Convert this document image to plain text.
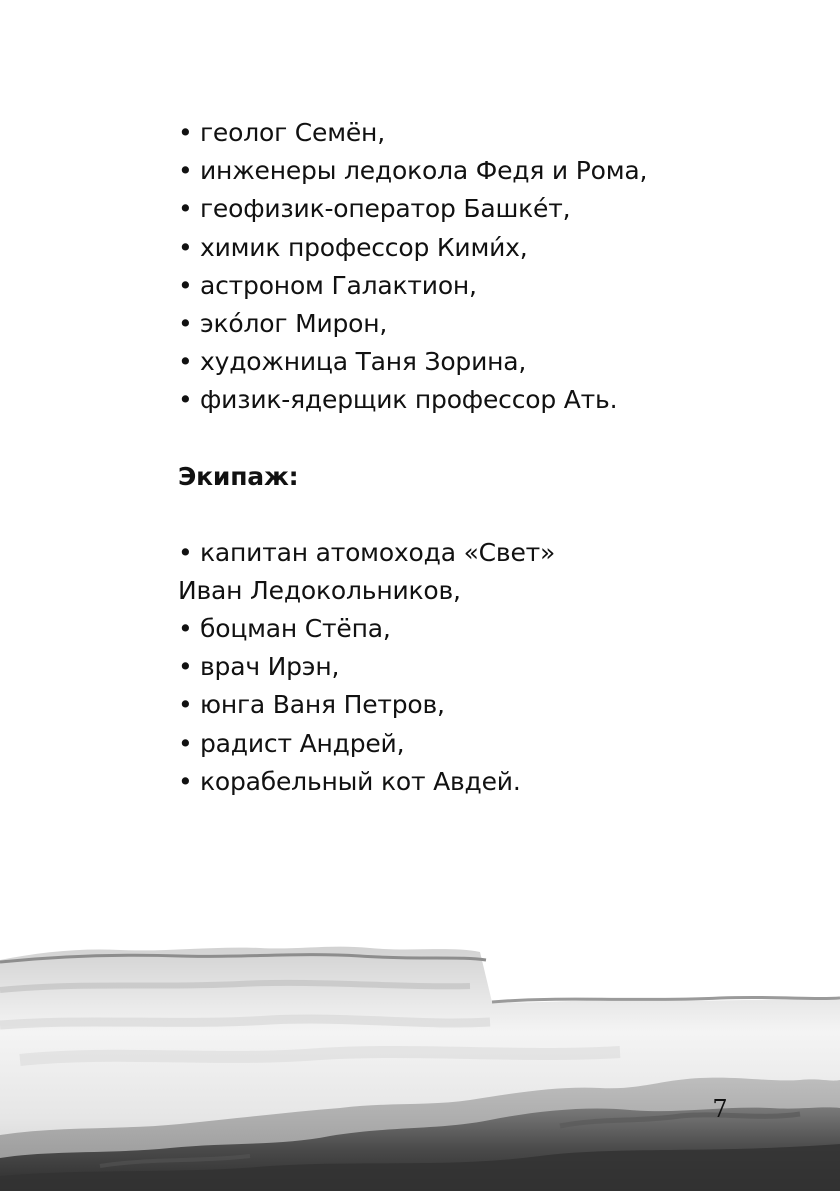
• геолог Семён,
• инженеры ледокола Федя и Рома,
• геофизик-оператор Башке́т,
• химик профессор Кими́х,
• астроном Галактион,
• эко́лог Мирон,
• художница Таня Зорина,
• физик-ядерщик профессор Ать.
Экипаж:
• капитан атомохода «Свет»
Иван Ледокольников,
• боцман Стёпа,
• врач Ирэн,
• юнга Ваня Петров,
• радист Андрей,
• корабельный кот Авдей.
7
